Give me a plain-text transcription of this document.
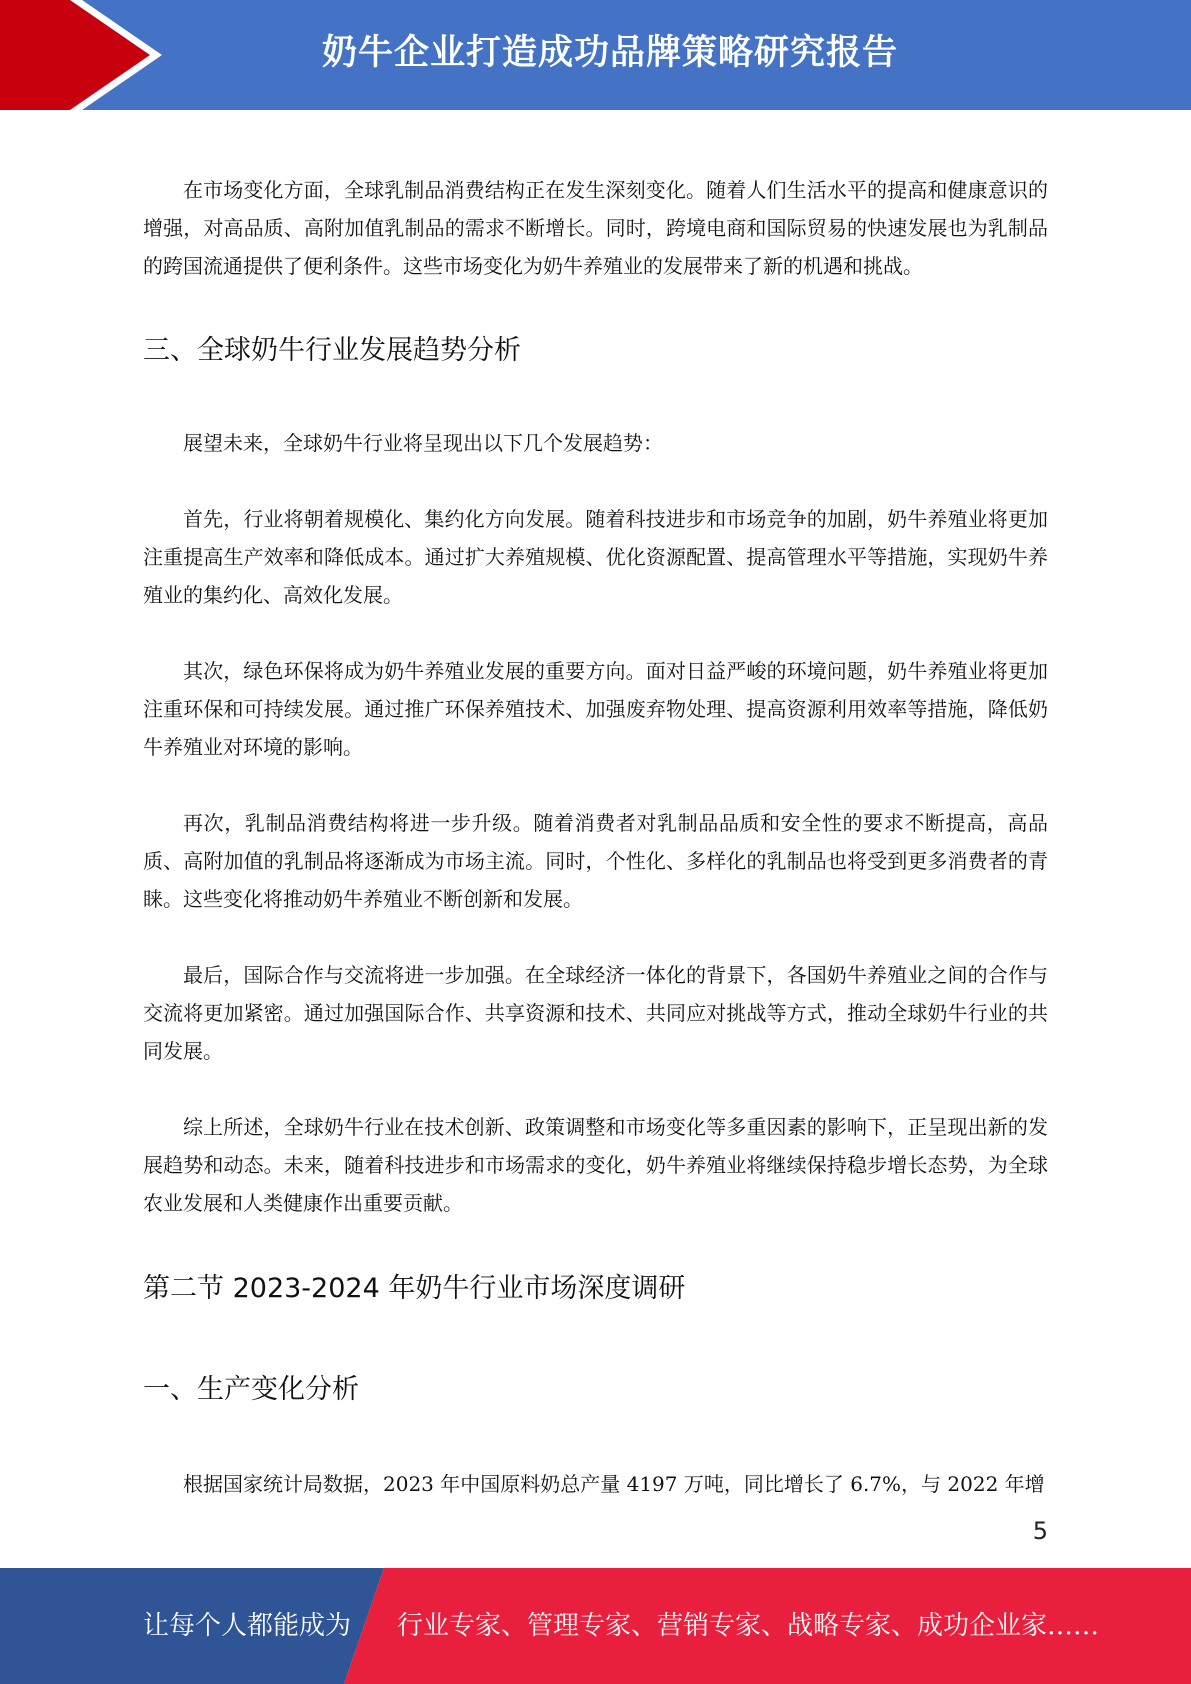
奶牛企业打造成功品牌策略研究报告

在市场变化方面，全球乳制品消费结构正在发生深刻变化。随着人们生活水平的提高和健康意识的增强，对高品质、高附加值乳制品的需求不断增长。同时，跨境电商和国际贸易的快速发展也为乳制品的跨国流通提供了便利条件。这些市场变化为奶牛养殖业的发展带来了新的机遇和挑战。

三、全球奶牛行业发展趋势分析

展望未来，全球奶牛行业将呈现出以下几个发展趋势：

首先，行业将朝着规模化、集约化方向发展。随着科技进步和市场竞争的加剧，奶牛养殖业将更加注重提高生产效率和降低成本。通过扩大养殖规模、优化资源配置、提高管理水平等措施，实现奶牛养殖业的集约化、高效化发展。

其次，绿色环保将成为奶牛养殖业发展的重要方向。面对日益严峻的环境问题，奶牛养殖业将更加注重环保和可持续发展。通过推广环保养殖技术、加强废弃物处理、提高资源利用效率等措施，降低奶牛养殖业对环境的影响。

再次，乳制品消费结构将进一步升级。随着消费者对乳制品品质和安全性的要求不断提高，高品质、高附加值的乳制品将逐渐成为市场主流。同时，个性化、多样化的乳制品也将受到更多消费者的青睐。这些变化将推动奶牛养殖业不断创新和发展。

最后，国际合作与交流将进一步加强。在全球经济一体化的背景下，各国奶牛养殖业之间的合作与交流将更加紧密。通过加强国际合作、共享资源和技术、共同应对挑战等方式，推动全球奶牛行业的共同发展。

综上所述，全球奶牛行业在技术创新、政策调整和市场变化等多重因素的影响下，正呈现出新的发展趋势和动态。未来，随着科技进步和市场需求的变化，奶牛养殖业将继续保持稳步增长态势，为全球农业发展和人类健康作出重要贡献。

第二节 2023-2024 年奶牛行业市场深度调研
一、生产变化分析

根据国家统计局数据，2023 年中国原料奶总产量 4197 万吨，同比增长了 6.7%，与 2022 年增

5
让每个人都能成为 行业专家、管理专家、营销专家、战略专家、成功企业家……
